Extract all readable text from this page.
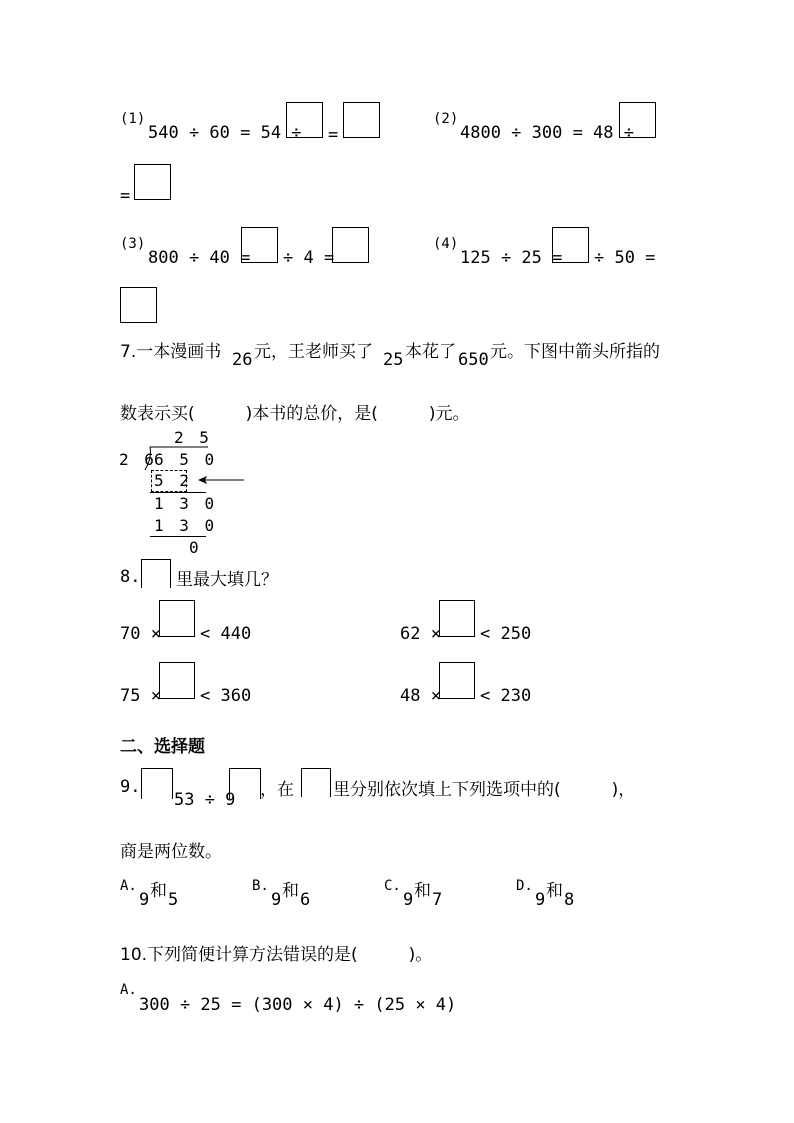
(1)
540 ÷ 60 = 54 ÷ =
(2)
4800 ÷ 300 = 48 ÷
=
(3)
800 ÷ 40 = ÷ 4 =
(4)
125 ÷ 25 = ÷ 50 =
7.一本漫画书 26 元，王老师买了 25 本花了 650 元。下图中箭头所指的
数表示买(　　　)本书的总价，是(　　　)元。
2 5
2 6
6 5 0
5 2
1 3 0
1 3 0
0
8. 里最大填几？
70 × < 440	62 × < 250
75 × < 360	48 × < 230
二、选择题
9.
53 ÷ 9 ，在 里分别依次填上下列选项中的(　　　)，
商是两位数。
A.
9 和 5
B.
9 和 6
C.
9 和 7
D.
9 和 8
10.下列简便计算方法错误的是(　　　)。
A.
300 ÷ 25 = (300 × 4) ÷ (25 × 4)
